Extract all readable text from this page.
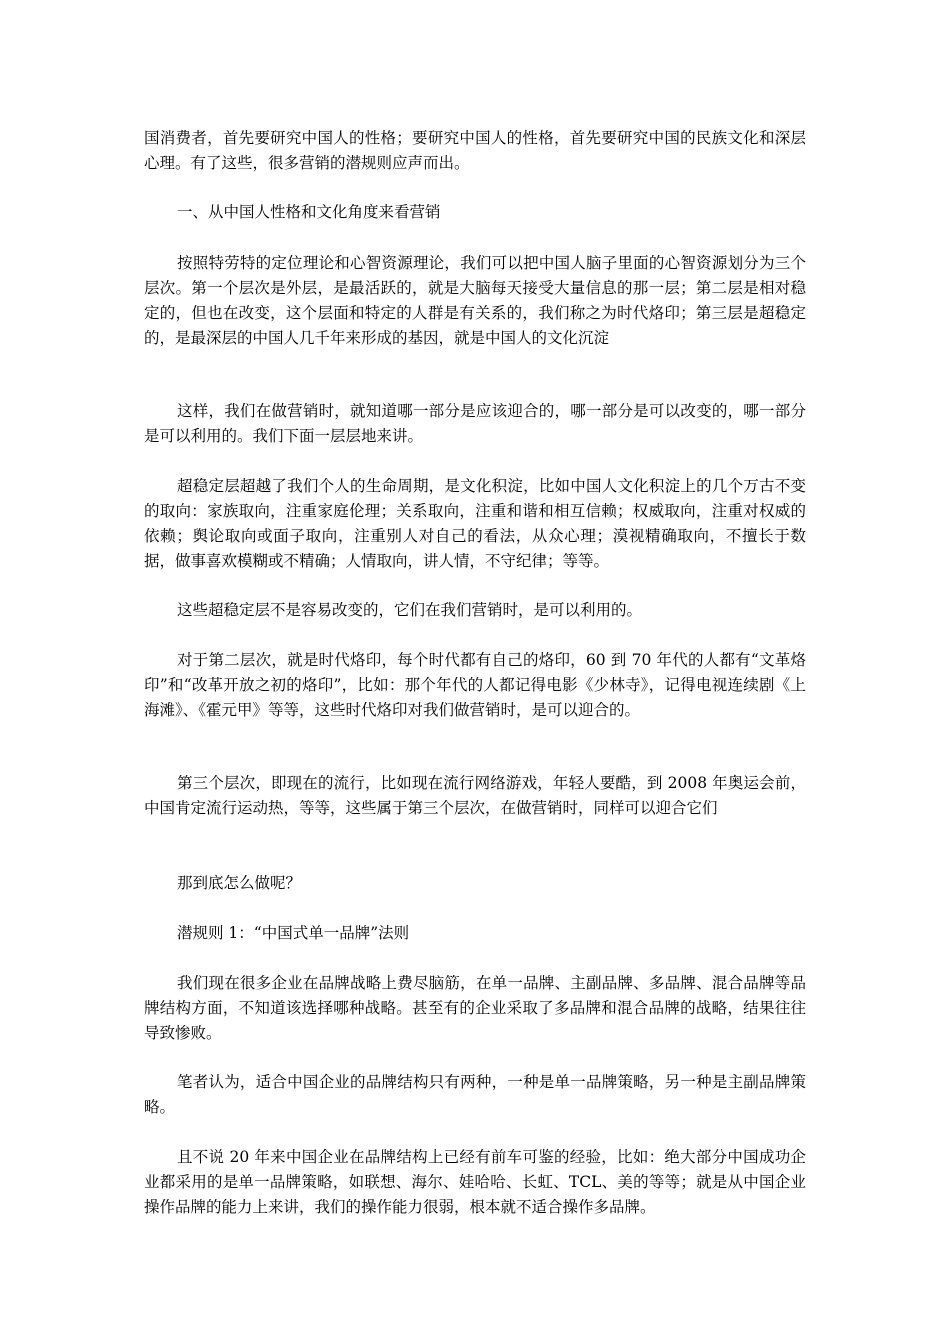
国消费者，首先要研究中国人的性格；要研究中国人的性格，首先要研究中国的民族文化和深层心理。有了这些，很多营销的潜规则应声而出。

一、从中国人性格和文化角度来看营销

按照特劳特的定位理论和心智资源理论，我们可以把中国人脑子里面的心智资源划分为三个层次。第一个层次是外层，是最活跃的，就是大脑每天接受大量信息的那一层；第二层是相对稳定的，但也在改变，这个层面和特定的人群是有关系的，我们称之为时代烙印；第三层是超稳定的，是最深层的中国人几千年来形成的基因，就是中国人的文化沉淀

这样，我们在做营销时，就知道哪一部分是应该迎合的，哪一部分是可以改变的，哪一部分是可以利用的。我们下面一层层地来讲。

超稳定层超越了我们个人的生命周期，是文化积淀，比如中国人文化积淀上的几个万古不变的取向：家族取向，注重家庭伦理；关系取向，注重和谐和相互信赖；权威取向，注重对权威的依赖；舆论取向或面子取向，注重别人对自己的看法，从众心理；漠视精确取向，不擅长于数据，做事喜欢模糊或不精确；人情取向，讲人情，不守纪律；等等。

这些超稳定层不是容易改变的，它们在我们营销时，是可以利用的。

对于第二层次，就是时代烙印，每个时代都有自己的烙印，60 到 70 年代的人都有“文革烙印”和“改革开放之初的烙印”，比如：那个年代的人都记得电影《少林寺》，记得电视连续剧《上海滩》、《霍元甲》等等，这些时代烙印对我们做营销时，是可以迎合的。

第三个层次，即现在的流行，比如现在流行网络游戏，年轻人要酷，到 2008 年奥运会前，中国肯定流行运动热，等等，这些属于第三个层次，在做营销时，同样可以迎合它们

那到底怎么做呢？

潜规则 1：“中国式单一品牌”法则

我们现在很多企业在品牌战略上费尽脑筋，在单一品牌、主副品牌、多品牌、混合品牌等品牌结构方面，不知道该选择哪种战略。甚至有的企业采取了多品牌和混合品牌的战略，结果往往导致惨败。

笔者认为，适合中国企业的品牌结构只有两种，一种是单一品牌策略，另一种是主副品牌策略。

且不说 20 年来中国企业在品牌结构上已经有前车可鉴的经验，比如：绝大部分中国成功企业都采用的是单一品牌策略，如联想、海尔、娃哈哈、长虹、TCL、美的等等；就是从中国企业操作品牌的能力上来讲，我们的操作能力很弱，根本就不适合操作多品牌。
